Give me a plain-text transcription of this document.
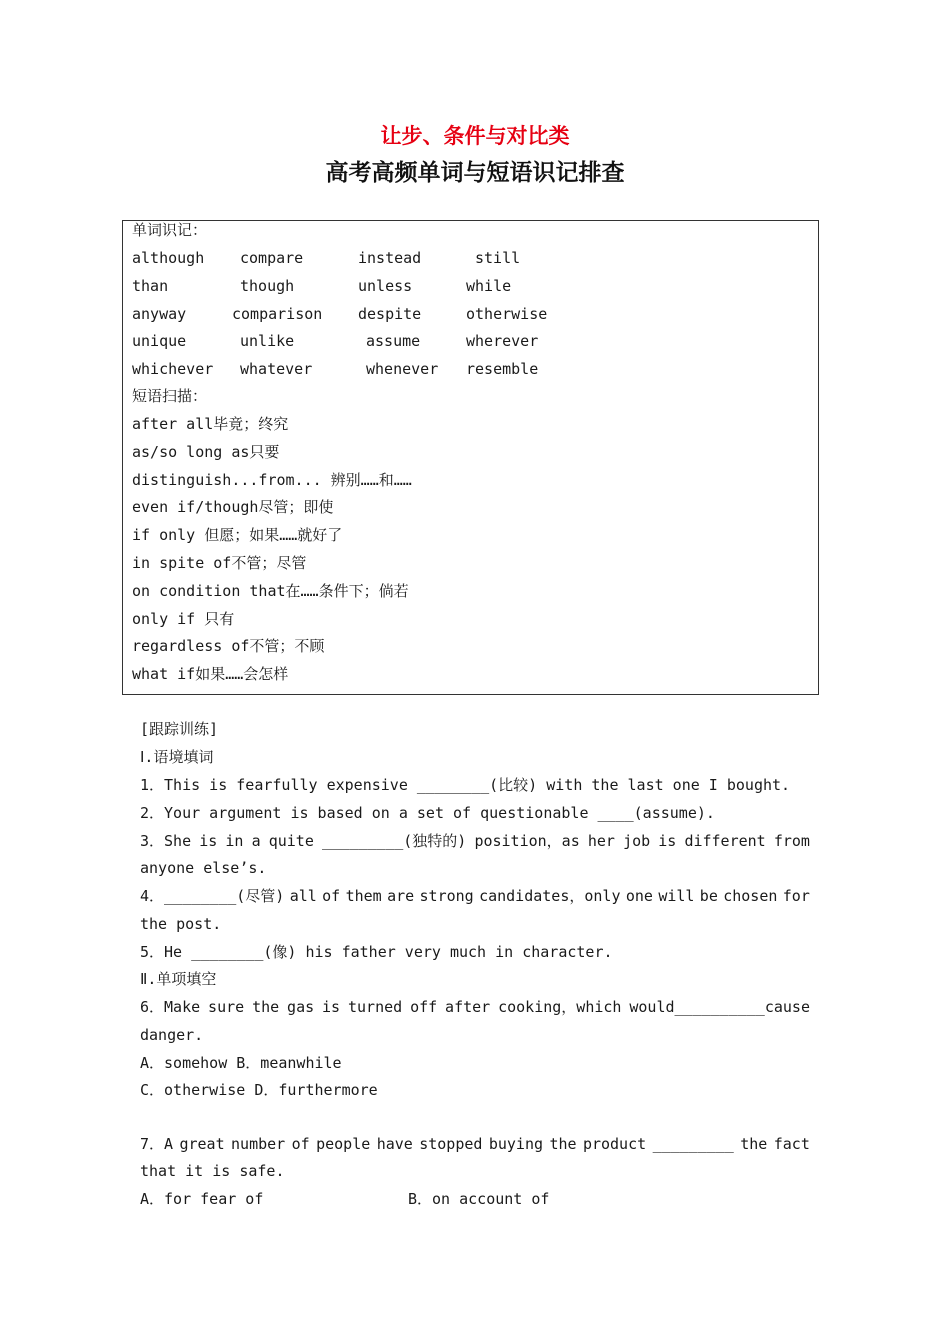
让步、条件与对比类
高考高频单词与短语识记排查
单词识记：
although compare	instead	still
than	though	unless	while
anyway	comparison despite	otherwise
unique	unlike	assume	wherever
whichever whatever	whenever resemble
短语扫描：
after all毕竟；终究
as/so long as只要
distinguish...from... 辨别……和……
even if/though尽管；即使
if only 但愿；如果……就好了
in spite of不管；尽管
on condition that在……条件下；倘若
only if 只有
regardless of不管；不顾
what if如果……会怎样
[跟踪训练]
Ⅰ.语境填词
1．This is fearfully expensive ________(比较) with the last one I bought.
2．Your argument is based on a set of questionable ____(assume).
3．She is in a quite _________(独特的) position，as her job is different from
anyone else’s.
4．________(尽管) all of them are strong candidates，only one will be chosen for
the post.
5．He ________(像) his father very much in character.
Ⅱ.单项填空
6．Make sure the gas is turned off after cooking，which would__________cause
danger.
A．somehow B．meanwhile
C．otherwise D．furthermore
7．A great number of people have stopped buying the product _________ the fact
that it is safe.
A．for fear of	B．on account of
